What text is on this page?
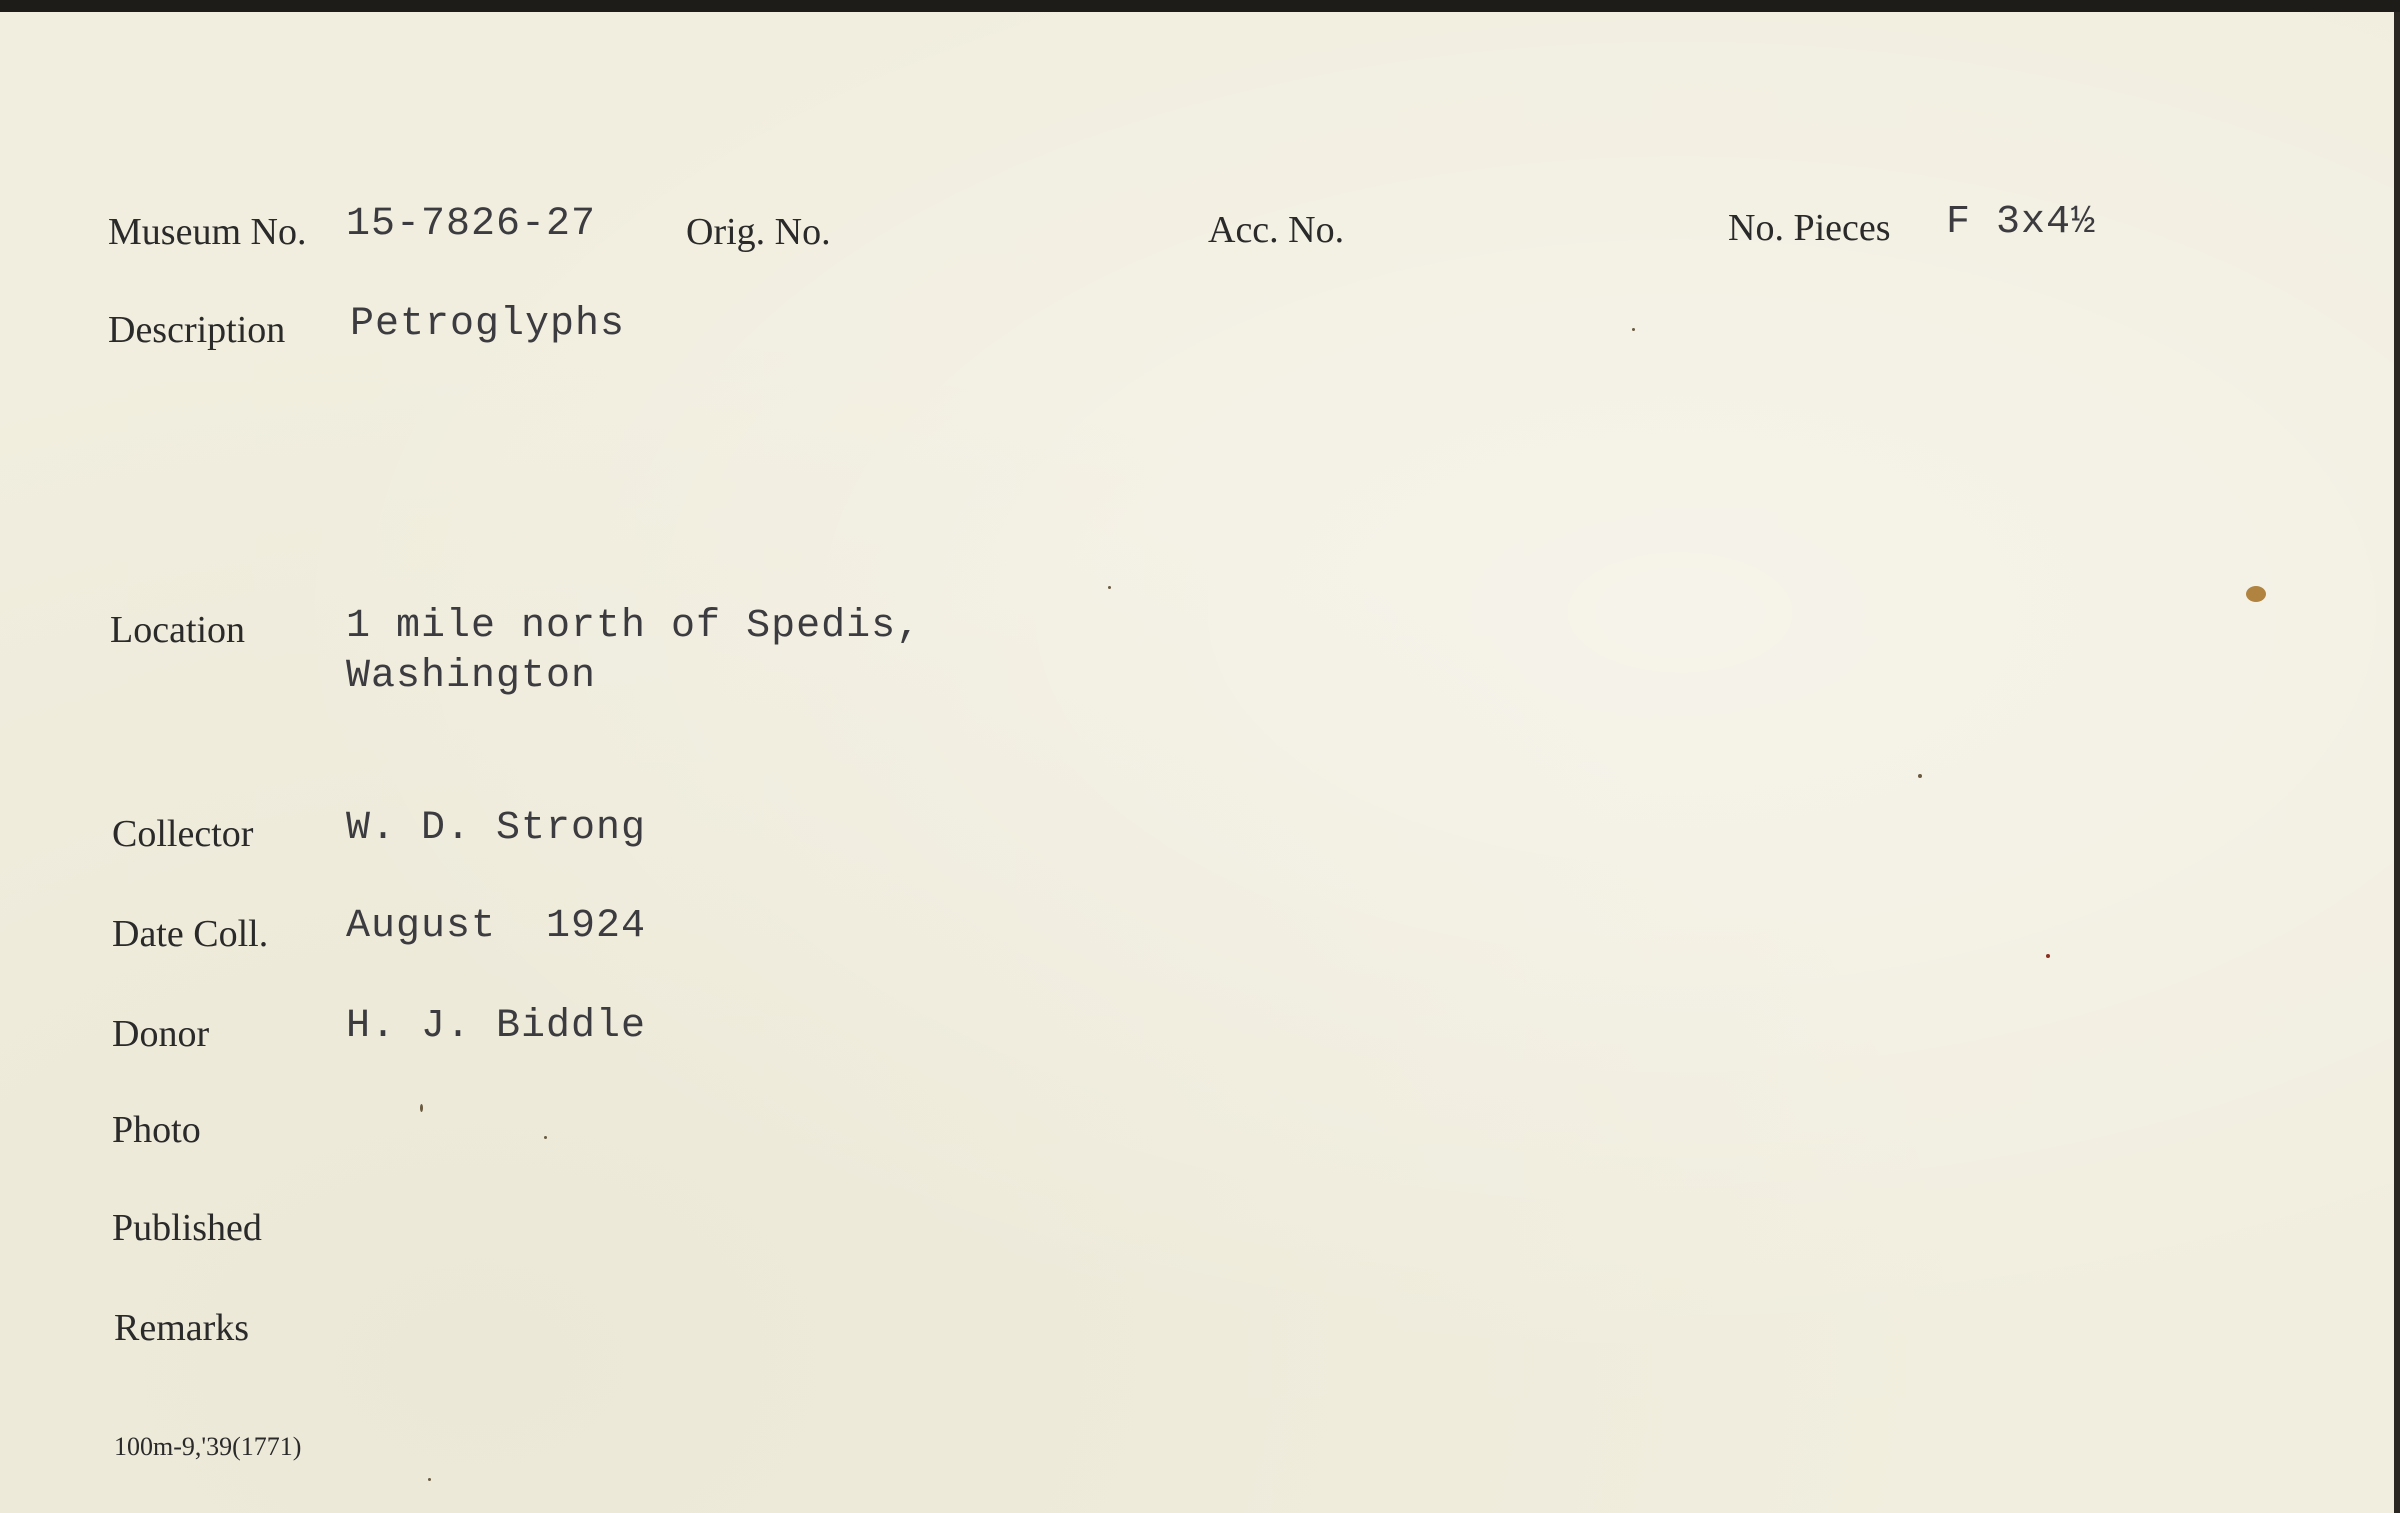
Museum No. 15-7826-27 Orig. No.	Acc. No.	No. Pieces F 3x4½
Description Petroglyphs
Location	1 mile north of Spedis,
Washington
Collector W. D. Strong
Date Coll. August  1924
Donor	H. J. Biddle
Photo
Published
Remarks
100m-9,'39(1771)
